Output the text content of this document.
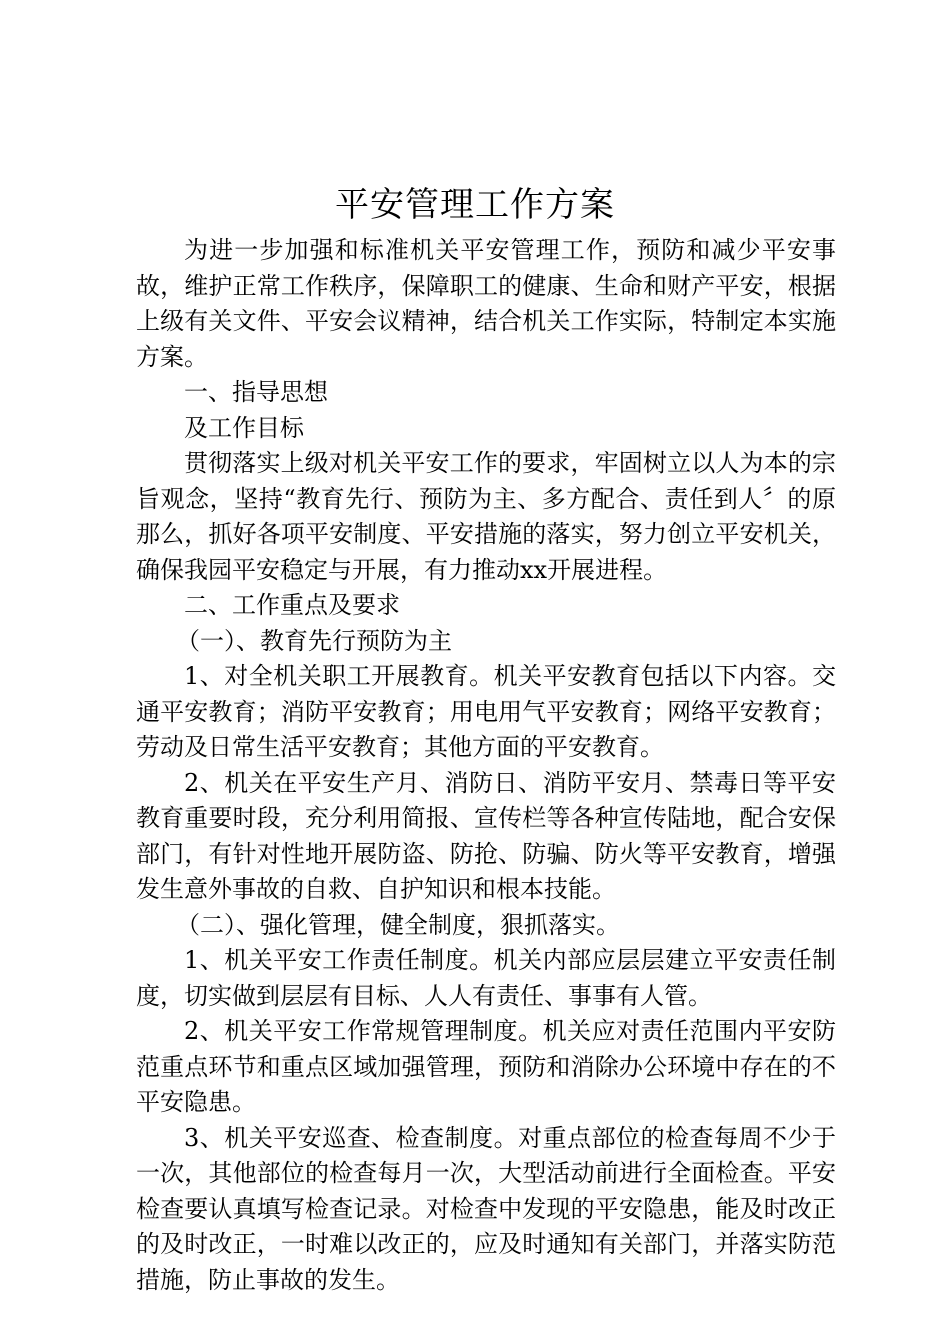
平安管理工作方案

为进一步加强和标准机关平安管理工作，预防和减少平安事故，维护正常工作秩序，保障职工的健康、生命和财产平安，根据上级有关文件、平安会议精神，结合机关工作实际，特制定本实施方案。

一、指导思想

及工作目标

贯彻落实上级对机关平安工作的要求，牢固树立以人为本的宗旨观念，坚持“教育先行、预防为主、多方配合、责任到人〞的原那么，抓好各项平安制度、平安措施的落实，努力创立平安机关，确保我园平安稳定与开展，有力推动xx开展进程。

二、工作重点及要求

（一）、教育先行预防为主

1、对全机关职工开展教育。机关平安教育包括以下内容。交通平安教育；消防平安教育；用电用气平安教育；网络平安教育；劳动及日常生活平安教育；其他方面的平安教育。

2、机关在平安生产月、消防日、消防平安月、禁毒日等平安教育重要时段，充分利用简报、宣传栏等各种宣传陆地，配合安保部门，有针对性地开展防盗、防抢、防骗、防火等平安教育，增强发生意外事故的自救、自护知识和根本技能。

（二）、强化管理，健全制度，狠抓落实。

1、机关平安工作责任制度。机关内部应层层建立平安责任制度，切实做到层层有目标、人人有责任、事事有人管。

2、机关平安工作常规管理制度。机关应对责任范围内平安防范重点环节和重点区域加强管理，预防和消除办公环境中存在的不平安隐患。

3、机关平安巡查、检查制度。对重点部位的检查每周不少于一次，其他部位的检查每月一次，大型活动前进行全面检查。平安检查要认真填写检查记录。对检查中发现的平安隐患，能及时改正的及时改正，一时难以改正的，应及时通知有关部门，并落实防范措施，防止事故的发生。
